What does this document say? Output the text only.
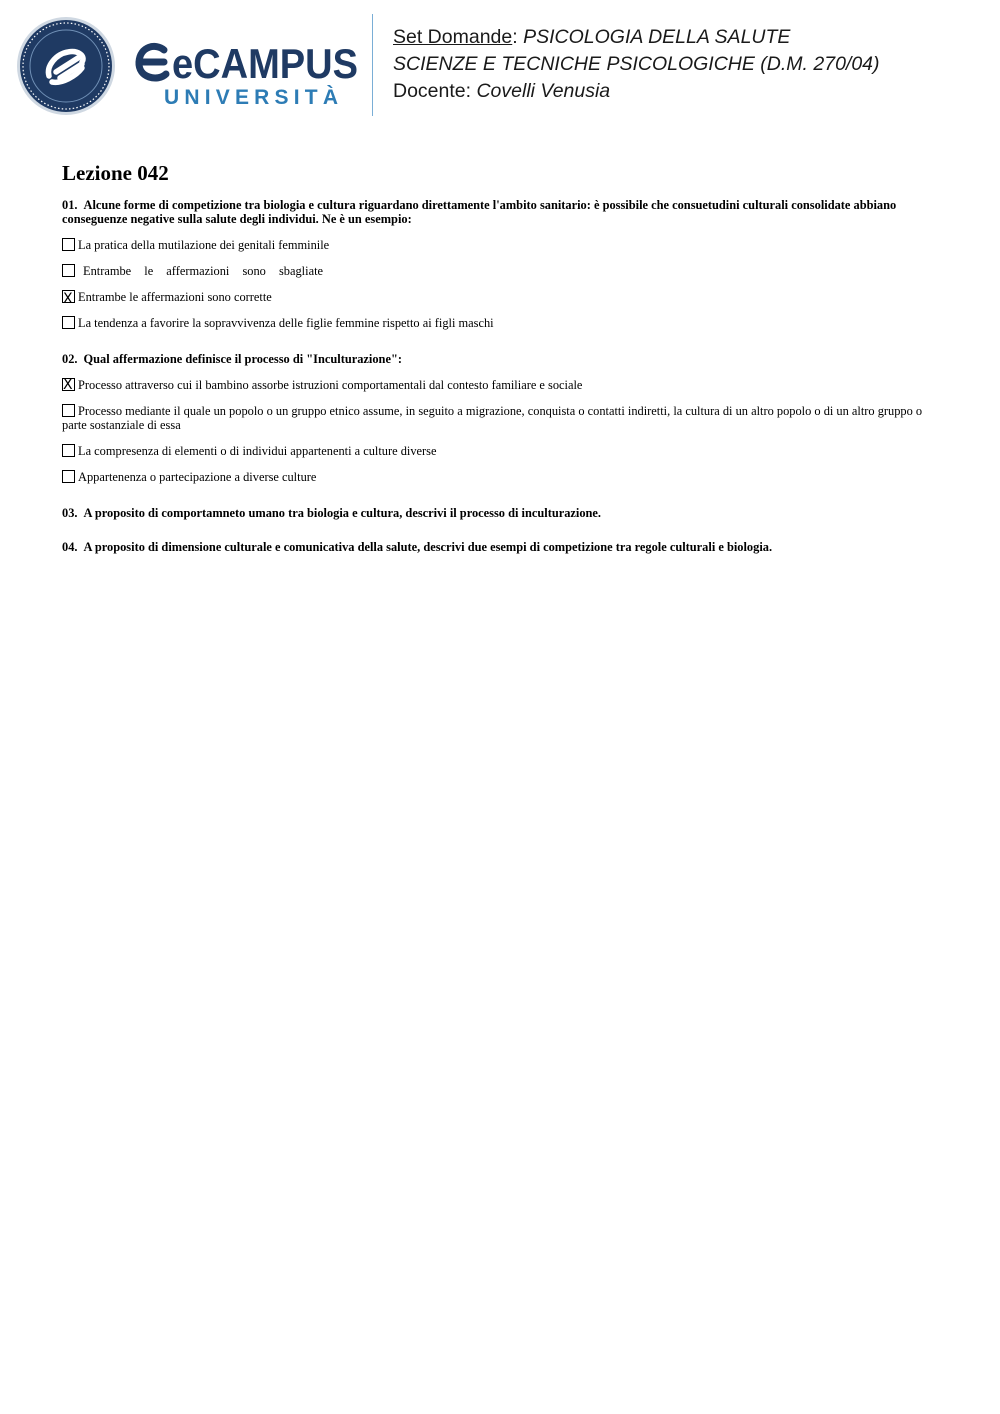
eCAMPUS
UNIVERSITÀ
Set Domande: PSICOLOGIA DELLA SALUTE
SCIENZE E TECNICHE PSICOLOGICHE (D.M. 270/04)
Docente: Covelli Venusia
Lezione 042
01. Alcune forme di competizione tra biologia e cultura riguardano direttamente l'ambito sanitario: è possibile che consuetudini culturali consolidate abbiano conseguenze negative sulla salute degli individui. Ne è un esempio:
La pratica della mutilazione dei genitali femminile
Entrambe le affermazioni sono sbagliate
X Entrambe le affermazioni sono corrette
La tendenza a favorire la sopravvivenza delle figlie femmine rispetto ai figli maschi
02. Qual affermazione definisce il processo di "Inculturazione":
X Processo attraverso cui il bambino assorbe istruzioni comportamentali dal contesto familiare e sociale
Processo mediante il quale un popolo o un gruppo etnico assume, in seguito a migrazione, conquista o contatti indiretti, la cultura di un altro popolo o di un altro gruppo o parte sostanziale di essa
La compresenza di elementi o di individui appartenenti a culture diverse
Appartenenza o partecipazione a diverse culture
03. A proposito di comportamneto umano tra biologia e cultura, descrivi il processo di inculturazione.
04. A proposito di dimensione culturale e comunicativa della salute, descrivi due esempi di competizione tra regole culturali e biologia.
